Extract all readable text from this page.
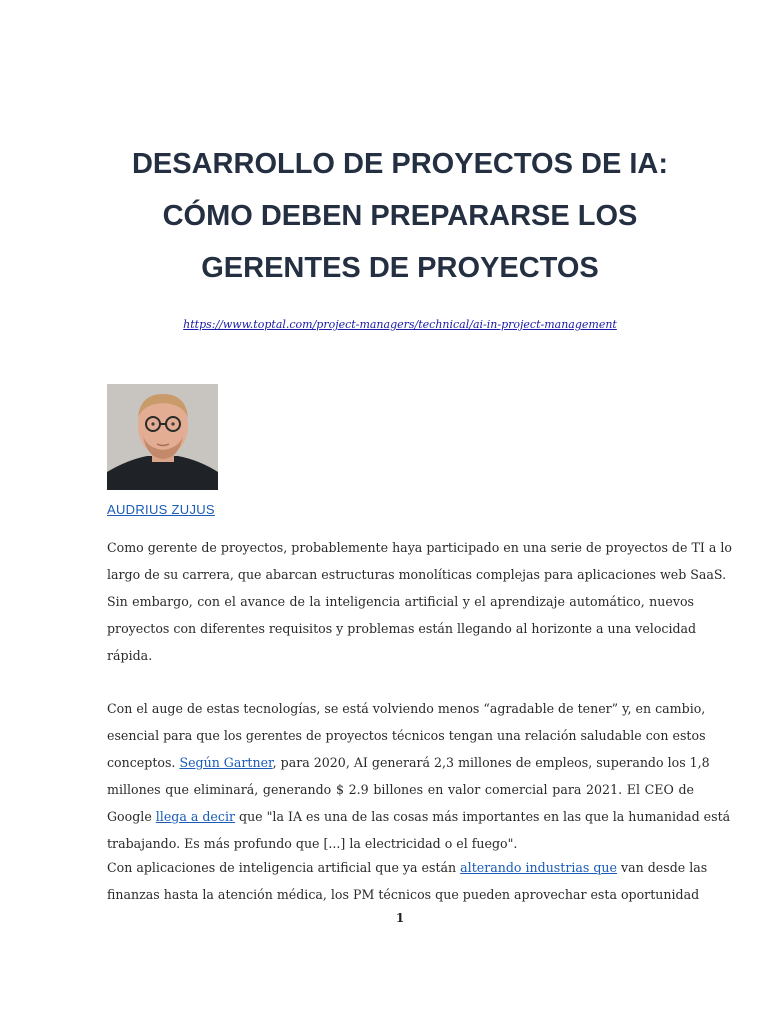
DESARROLLO DE PROYECTOS DE IA:
CÓMO DEBEN PREPARARSE LOS
GERENTES DE PROYECTOS
https://www.toptal.com/project-managers/technical/ai-in-project-management
AUDRIUS ZUJUS

Como gerente de proyectos, probablemente haya participado en una serie de proyectos de TI a lo
largo de su carrera, que abarcan estructuras monolíticas complejas para aplicaciones web SaaS.
Sin embargo, con el avance de la inteligencia artificial y el aprendizaje automático, nuevos
proyectos con diferentes requisitos y problemas están llegando al horizonte a una velocidad
rápida.

Con el auge de estas tecnologías, se está volviendo menos “agradable de tener” y, en cambio,
esencial para que los gerentes de proyectos técnicos tengan una relación saludable con estos
conceptos. Según Gartner, para 2020, AI generará 2,3 millones de empleos, superando los 1,8
millones que eliminará, generando $ 2.9 billones en valor comercial para 2021. El CEO de
Google llega a decir que "la IA es una de las cosas más importantes en las que la humanidad está
trabajando. Es más profundo que [...] la electricidad o el fuego".

Con aplicaciones de inteligencia artificial que ya están alterando industrias que van desde las
finanzas hasta la atención médica, los PM técnicos que pueden aprovechar esta oportunidad

1
